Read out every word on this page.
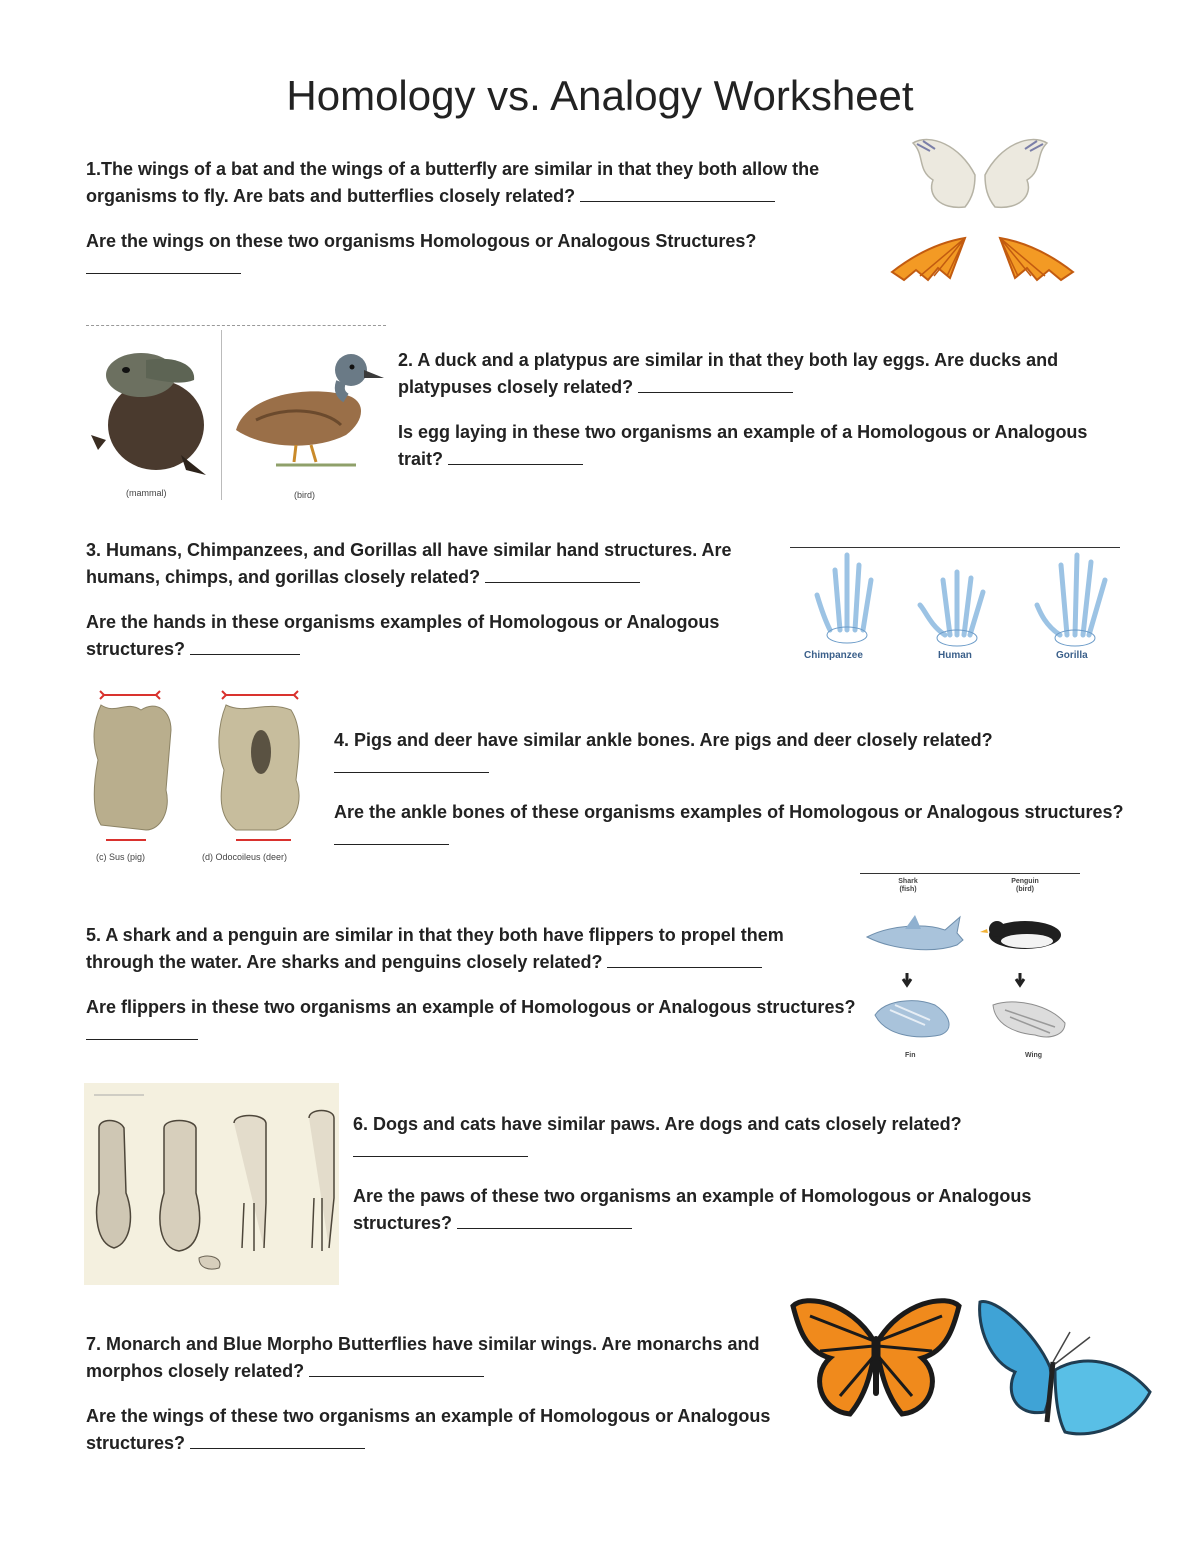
Homology vs. Analogy Worksheet
1.The wings of a bat and the wings of a butterfly are similar in that they both allow the
organisms to fly. Are bats and butterflies closely related?
Are the wings on these two organisms Homologous or Analogous Structures?
(mammal)	(bird)
2. A duck and a platypus are similar in that they both lay eggs. Are ducks and
platypuses closely related?
Is egg laying in these two organisms an example of a Homologous or Analogous
trait?
3. Humans, Chimpanzees, and Gorillas all have similar hand structures. Are
humans, chimps, and gorillas closely related?
Are the hands in these organisms examples of Homologous or Analogous
structures?	Chimpanzee	Human	Gorilla
(c) Sus (pig)	(d) Odocoileus (deer)
4. Pigs and deer have similar ankle bones. Are pigs and deer closely related?
Are the ankle bones of these organisms examples of Homologous or Analogous structures?
5. A shark and a penguin are similar in that they both have flippers to propel them
through the water. Are sharks and penguins closely related?
Are flippers in these two organisms an example of Homologous or Analogous structures?
Shark
(fish)
Penguin
(bird)
Fin	Wing
6. Dogs and cats have similar paws. Are dogs and cats closely related?
Are the paws of these two organisms an example of Homologous or Analogous
structures?
7. Monarch and Blue Morpho Butterflies have similar wings. Are monarchs and
morphos closely related?
Are the wings of these two organisms an example of Homologous or Analogous
structures?
